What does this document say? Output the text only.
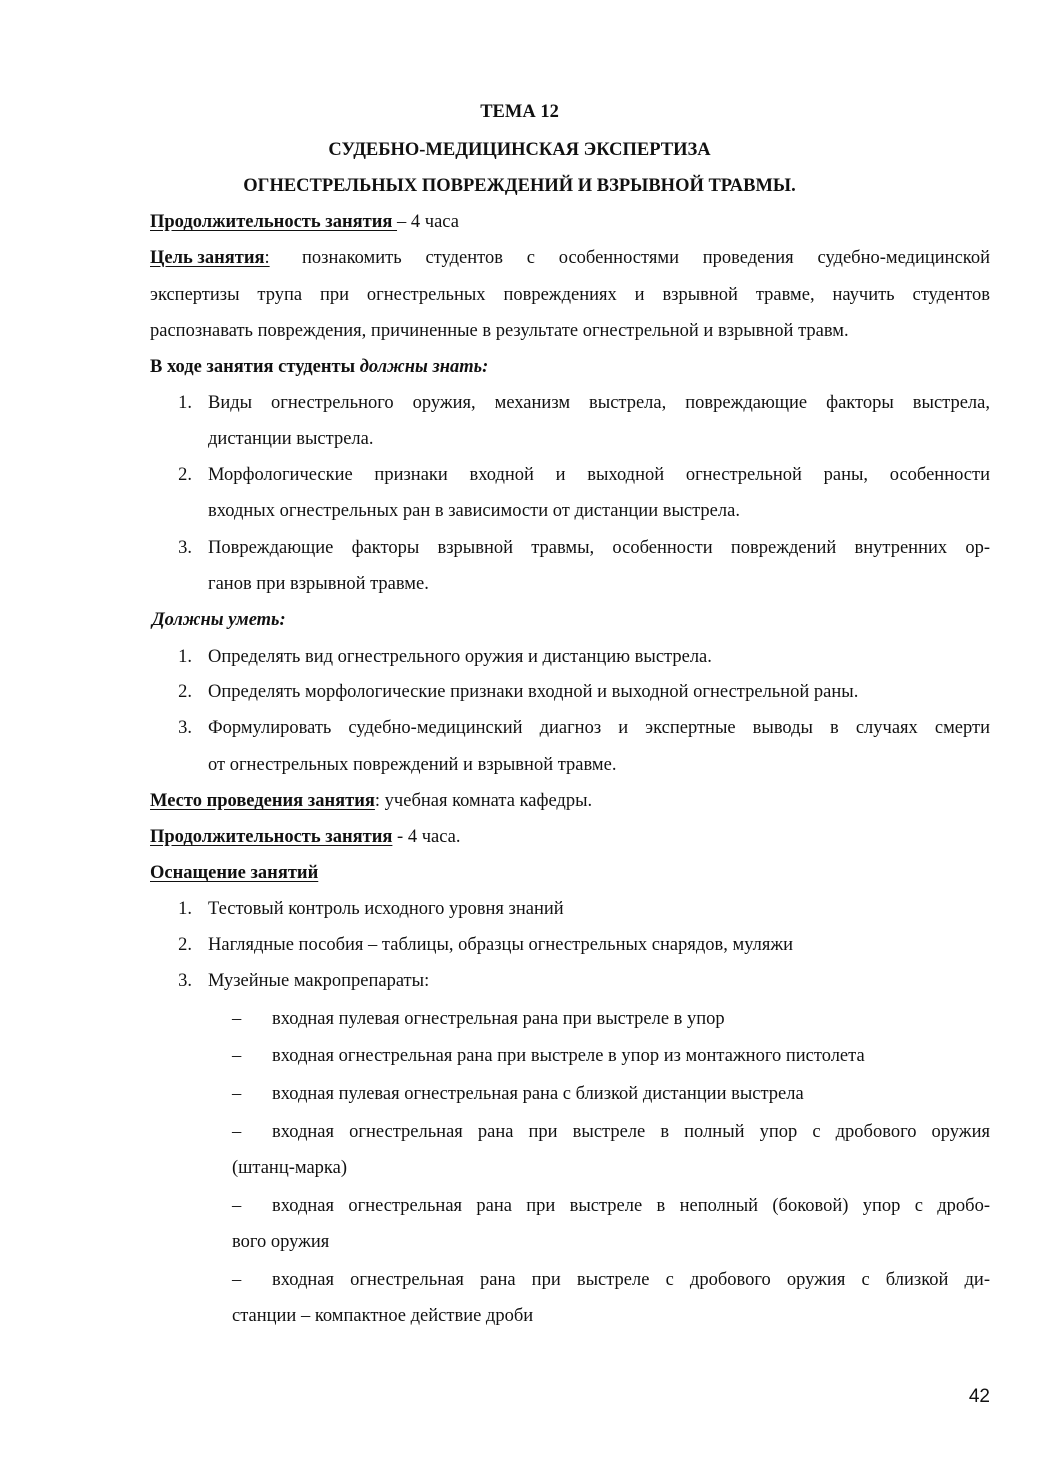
ТЕМА 12
СУДЕБНО-МЕДИЦИНСКАЯ ЭКСПЕРТИЗА
ОГНЕСТРЕЛЬНЫХ ПОВРЕЖДЕНИЙ И ВЗРЫВНОЙ ТРАВМЫ.
Продолжительность занятия – 4 часа
Цель занятия: познакомить студентов с особенностями проведения судебно-медицинской
экспертизы трупа при огнестрельных повреждениях и взрывной травме, научить студентов
распознавать повреждения, причиненные в результате огнестрельной и взрывной травм.
В ходе занятия студенты должны знать:
1. Виды огнестрельного оружия, механизм выстрела, повреждающие факторы выстрела,
дистанции выстрела.
2. Морфологические признаки входной и выходной огнестрельной раны, особенности
входных огнестрельных ран в зависимости от дистанции выстрела.
3. Повреждающие факторы взрывной травмы, особенности повреждений внутренних ор-
ганов при взрывной травме.
Должны уметь:
1. Определять вид огнестрельного оружия и дистанцию выстрела.
2. Определять морфологические признаки входной и выходной огнестрельной раны.
3. Формулировать судебно-медицинский диагноз и экспертные выводы в случаях смерти
от огнестрельных повреждений и взрывной травме.
Место проведения занятия: учебная комната кафедры.
Продолжительность занятия - 4 часа.
Оснащение занятий
1. Тестовый контроль исходного уровня знаний
2. Наглядные пособия – таблицы, образцы огнестрельных снарядов, муляжи
3. Музейные макропрепараты:
– входная пулевая огнестрельная рана при выстреле в упор
– входная огнестрельная рана при выстреле в упор из монтажного пистолета
– входная пулевая огнестрельная рана с близкой дистанции выстрела
– входная огнестрельная рана при выстреле в полный упор с дробового оружия
(штанц-марка)
– входная огнестрельная рана при выстреле в неполный (боковой) упор с дробо-
вого оружия
– входная огнестрельная рана при выстреле с дробового оружия с близкой ди-
станции – компактное действие дроби
42
